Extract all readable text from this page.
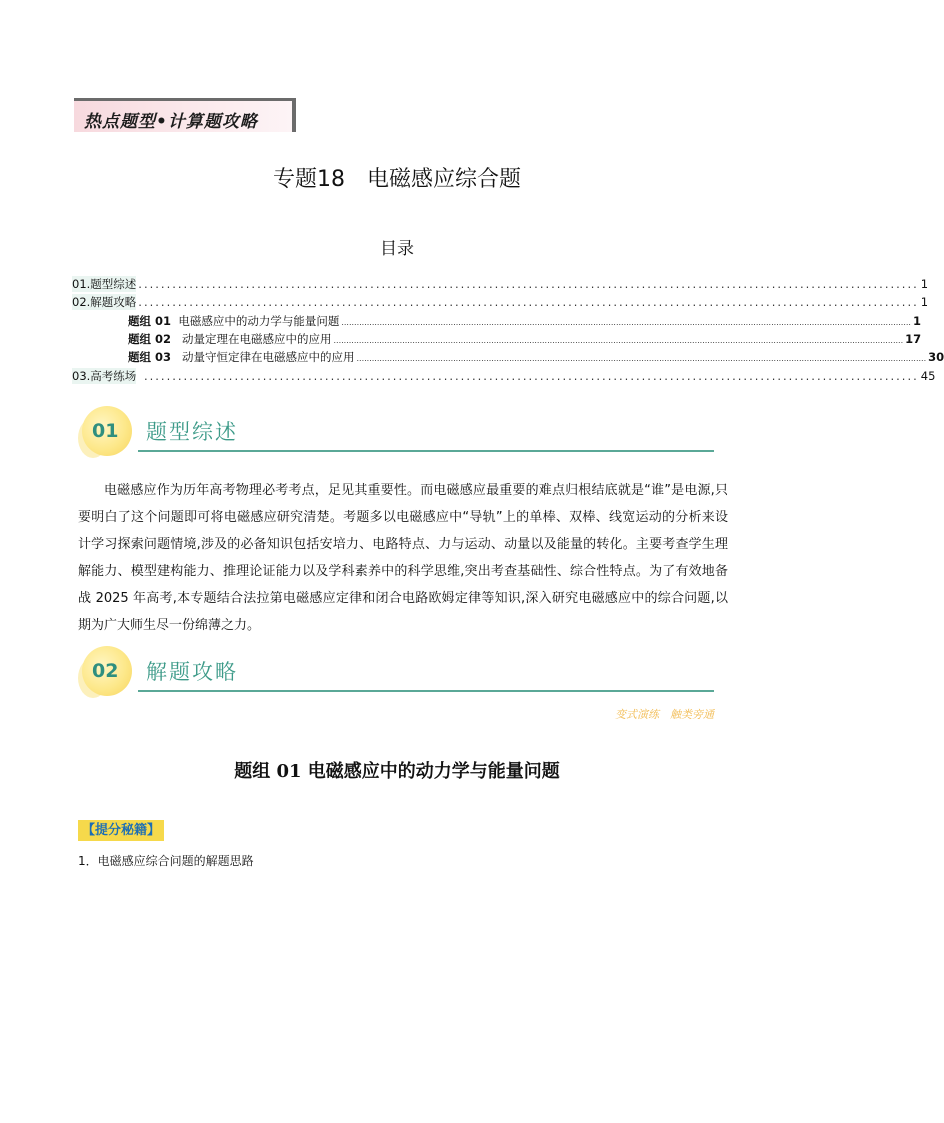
热点题型•计算题攻略
专题18　电磁感应综合题
目录
01.题型综述 .......................................................................................................................................... 1
02.解题攻略 .......................................................................................................................................... 1
题组 01 电磁感应中的动力学与能量问题 ................................................................................................................................................................................................................................ 1
题组 02 动量定理在电磁感应中的应用 ................................................................................................................................................................................................................................ 17
题组 03 动量守恒定律在电磁感应中的应用 ................................................................................................................................................................................................................................ 30
03.高考练场 ......................................................................................................................................... 45
01 题型综述
电磁感应作为历年高考物理必考考点，足见其重要性。而电磁感应最重要的难点归根结底就是“谁”是电源,只要明白了这个问题即可将电磁感应研究清楚。考题多以电磁感应中“导轨”上的单棒、双棒、线宽运动的分析来设计学习探索问题情境,涉及的必备知识包括安培力、电路特点、力与运动、动量以及能量的转化。主要考查学生理解能力、模型建构能力、推理论证能力以及学科素养中的科学思维,突出考查基础性、综合性特点。为了有效地备战 2025 年高考,本专题结合法拉第电磁感应定律和闭合电路欧姆定律等知识,深入研究电磁感应中的综合问题,以期为广大师生尽一份绵薄之力。
02 解题攻略
变式演练　触类旁通
题组 01 电磁感应中的动力学与能量问题
【提分秘籍】
1．电磁感应综合问题的解题思路
